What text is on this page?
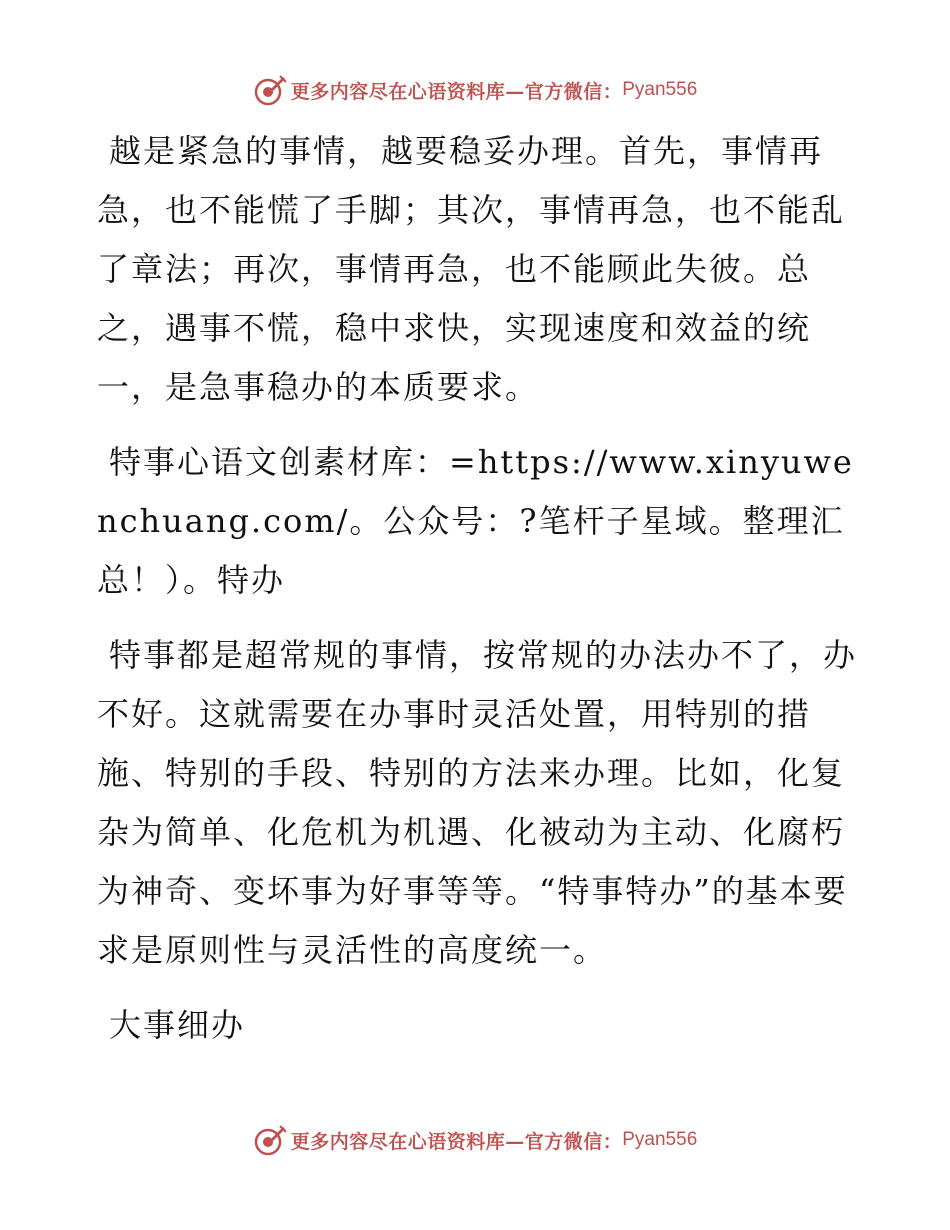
更多内容尽在心语资料库—官方微信： Pyan556

越是紧急的事情，越要稳妥办理。首先，事情再急，也不能慌了手脚；其次，事情再急，也不能乱了章法；再次，事情再急，也不能顾此失彼。总之，遇事不慌，稳中求快，实现速度和效益的统一，是急事稳办的本质要求。

特事心语文创素材库：=https://www.xinyuwenchuang.com/。公众号：?笔杆子星域。整理汇总！）。特办

特事都是超常规的事情，按常规的办法办不了，办不好。这就需要在办事时灵活处置，用特别的措施、特别的手段、特别的方法来办理。比如，化复杂为简单、化危机为机遇、化被动为主动、化腐朽为神奇、变坏事为好事等等。“特事特办”的基本要求是原则性与灵活性的高度统一。

大事细办

更多内容尽在心语资料库—官方微信： Pyan556
